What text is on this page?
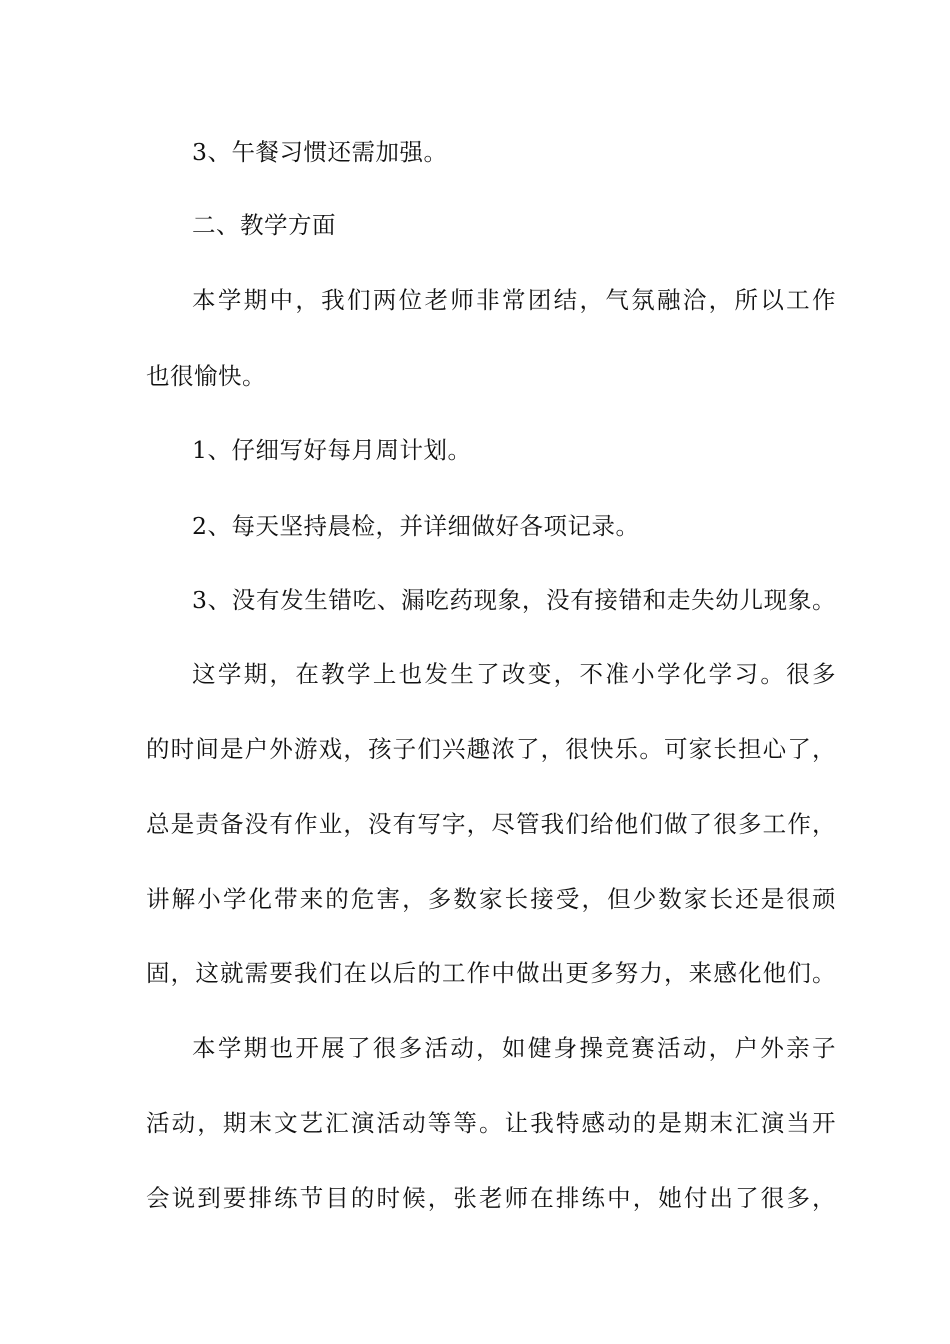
3、午餐习惯还需加强。
二、教学方面
本学期中，我们两位老师非常团结，气氛融洽，所以工作
也很愉快。
1、仔细写好每月周计划。
2、每天坚持晨检，并详细做好各项记录。
3、没有发生错吃、漏吃药现象，没有接错和走失幼儿现象。
这学期，在教学上也发生了改变，不准小学化学习。很多
的时间是户外游戏，孩子们兴趣浓了，很快乐。可家长担心了，
总是责备没有作业，没有写字，尽管我们给他们做了很多工作，
讲解小学化带来的危害，多数家长接受，但少数家长还是很顽
固，这就需要我们在以后的工作中做出更多努力，来感化他们。
本学期也开展了很多活动，如健身操竞赛活动，户外亲子
活动，期末文艺汇演活动等等。让我特感动的是期末汇演当开
会说到要排练节目的时候，张老师在排练中，她付出了很多，
